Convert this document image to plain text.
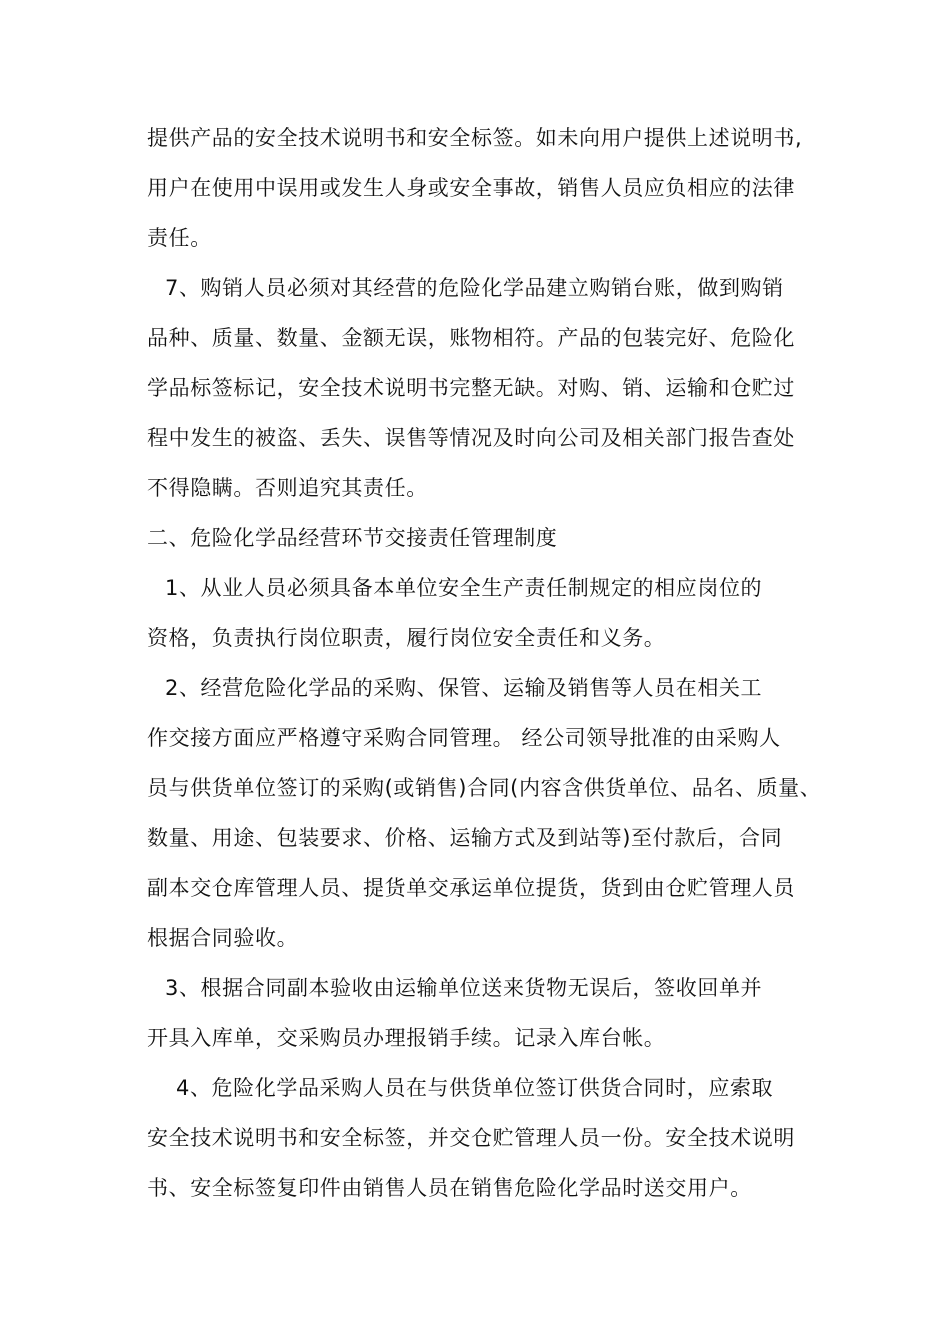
提供产品的安全技术说明书和安全标签。如未向用户提供上述说明书,

用户在使用中误用或发生人身或安全事故，销售人员应负相应的法律

责任。

7、购销人员必须对其经营的危险化学品建立购销台账，做到购销

品种、质量、数量、金额无误，账物相符。产品的包装完好、危险化

学品标签标记，安全技术说明书完整无缺。对购、销、运输和仓贮过

程中发生的被盗、丢失、误售等情况及时向公司及相关部门报告查处

不得隐瞒。否则追究其责任。

二、危险化学品经营环节交接责任管理制度

1、从业人员必须具备本单位安全生产责任制规定的相应岗位的

资格，负责执行岗位职责，履行岗位安全责任和义务。

2、经营危险化学品的采购、保管、运输及销售等人员在相关工

作交接方面应严格遵守采购合同管理。 经公司领导批准的由采购人

员与供货单位签订的采购(或销售)合同(内容含供货单位、品名、质量、

数量、用途、包装要求、价格、运输方式及到站等)至付款后，合同

副本交仓库管理人员、提货单交承运单位提货，货到由仓贮管理人员

根据合同验收。

3、根据合同副本验收由运输单位送来货物无误后，签收回单并

开具入库单，交采购员办理报销手续。记录入库台帐。

4、危险化学品采购人员在与供货单位签订供货合同时，应索取

安全技术说明书和安全标签，并交仓贮管理人员一份。安全技术说明

书、安全标签复印件由销售人员在销售危险化学品时送交用户。
